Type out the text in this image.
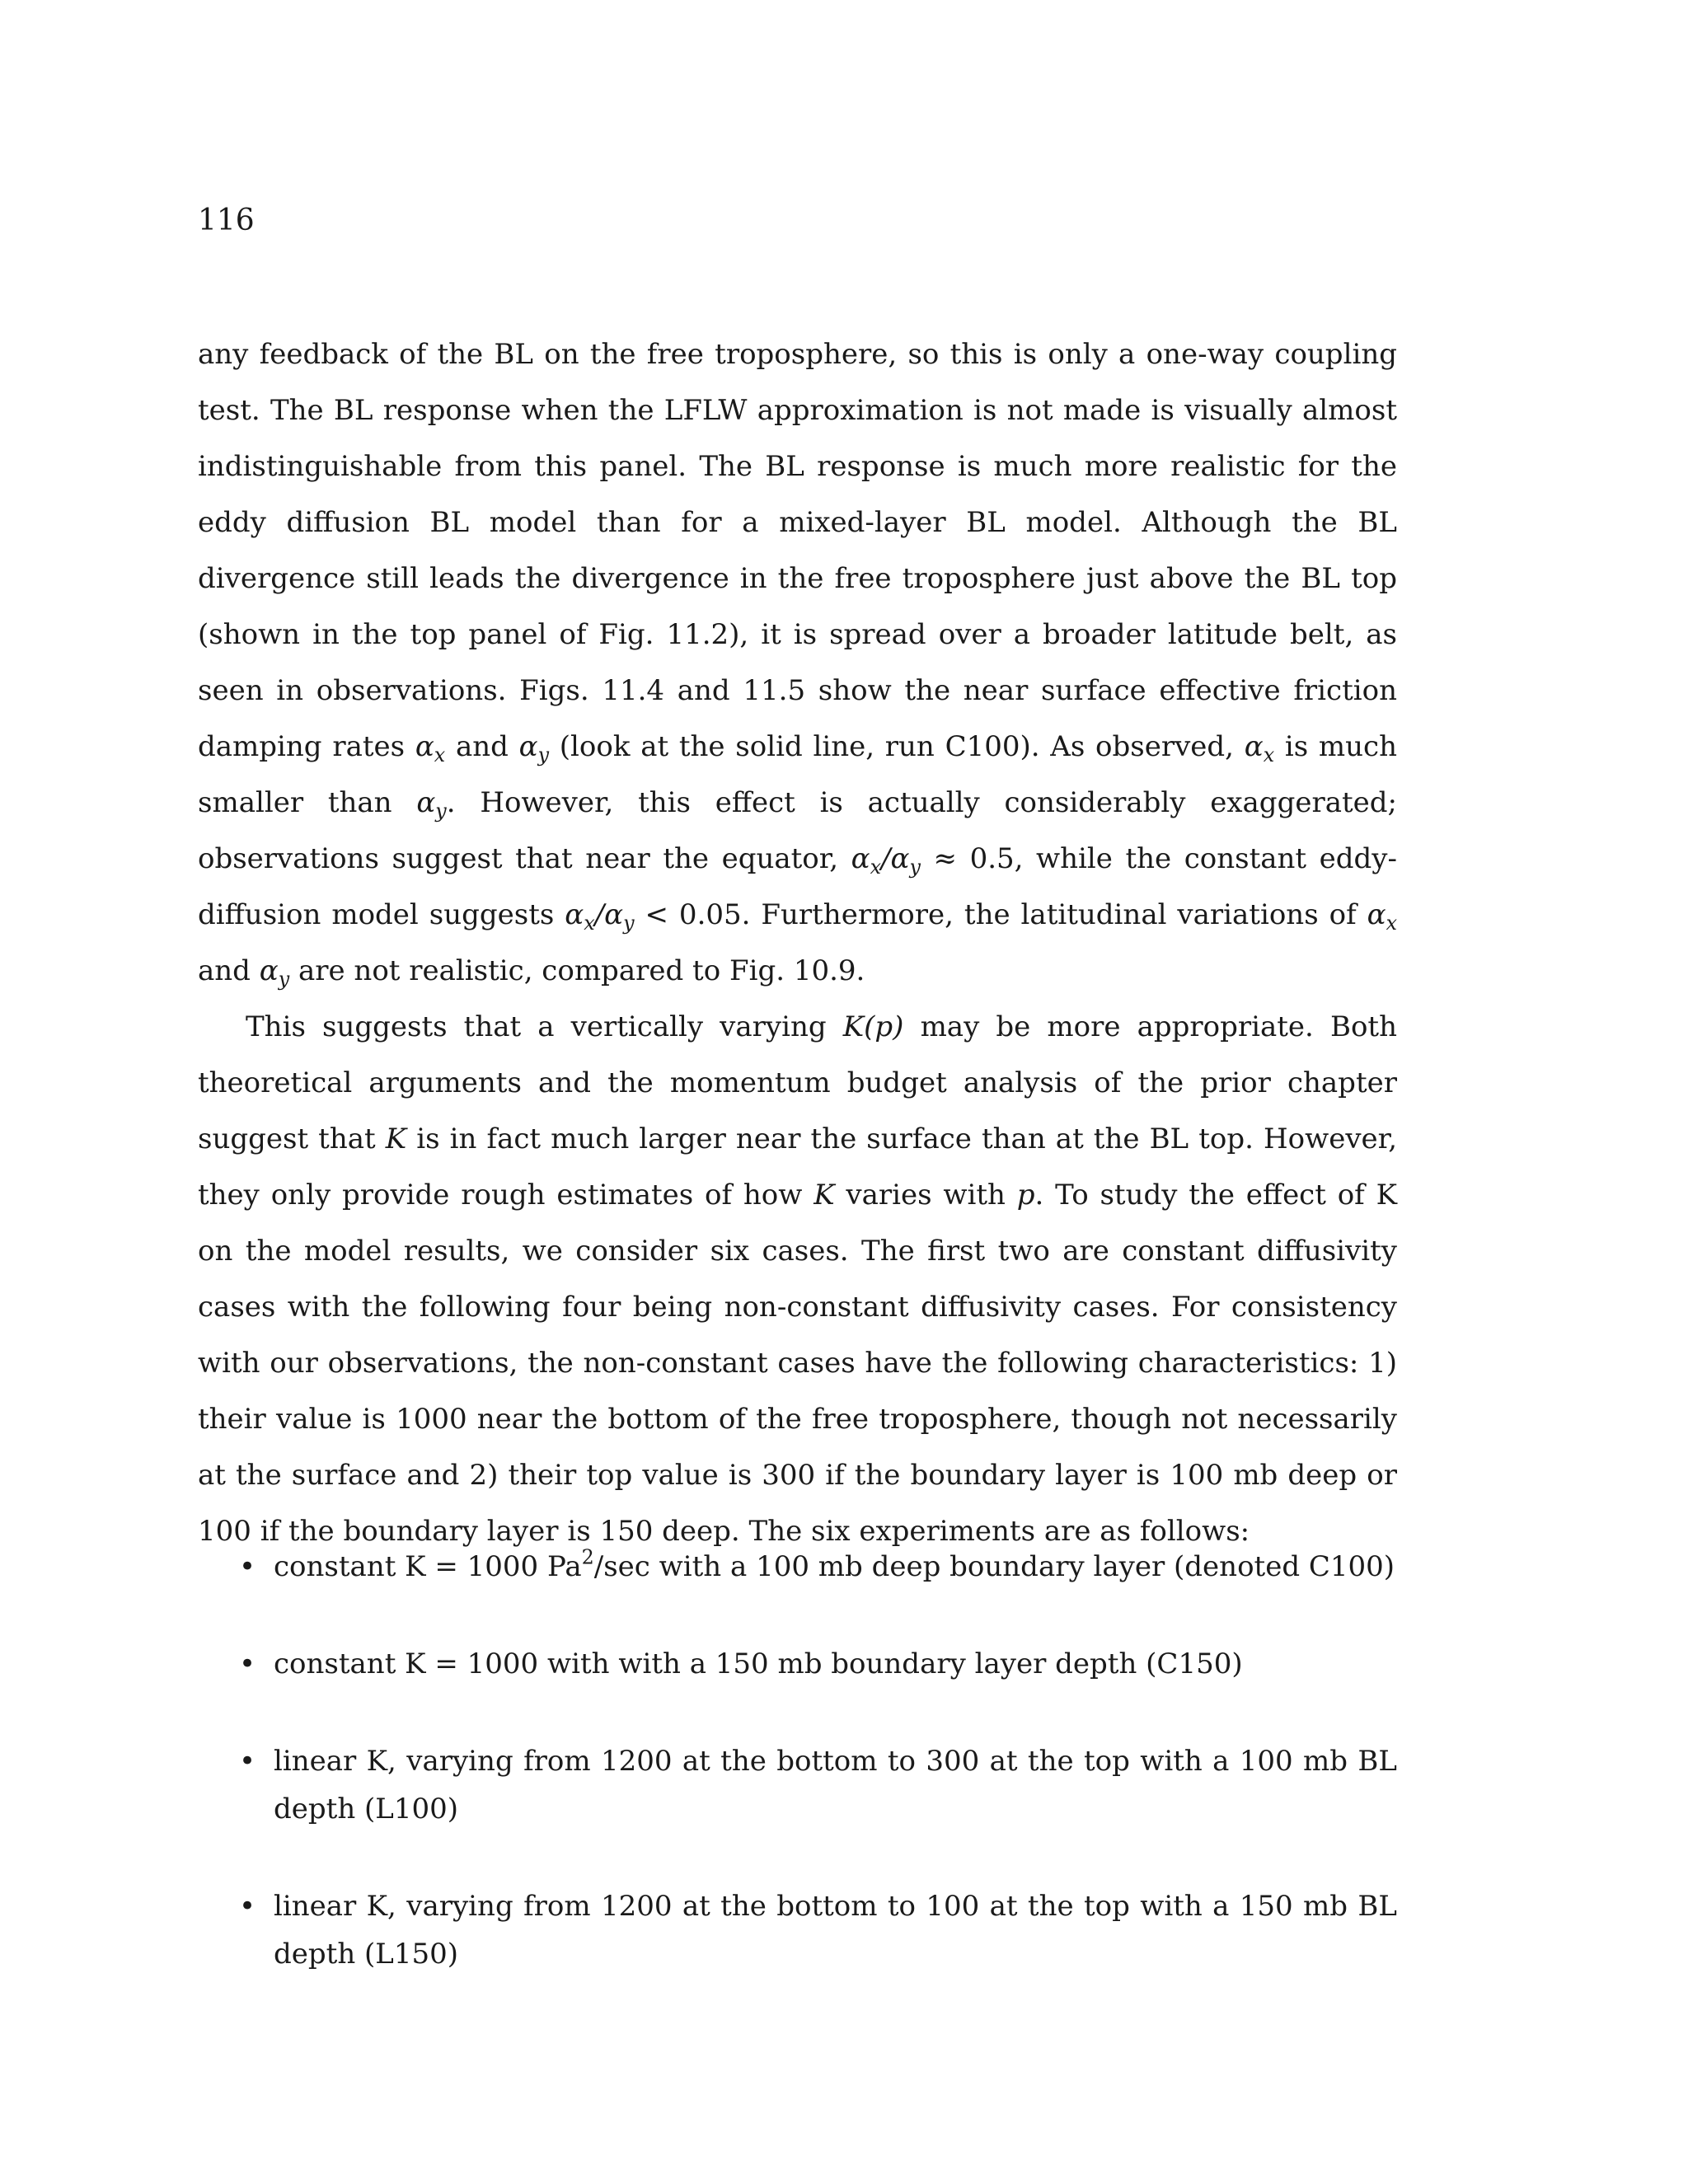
116

any feedback of the BL on the free troposphere, so this is only a one-way coupling test. The BL response when the LFLW approximation is not made is visually almost indistinguishable from this panel. The BL response is much more realistic for the eddy diffusion BL model than for a mixed-layer BL model. Although the BL divergence still leads the divergence in the free troposphere just above the BL top (shown in the top panel of Fig. 11.2), it is spread over a broader latitude belt, as seen in observations. Figs. 11.4 and 11.5 show the near surface effective friction damping rates $\alpha_x$ and $\alpha_y$ (look at the solid line, run C100). As observed, $\alpha_x$ is much smaller than $\alpha_y$. However, this effect is actually considerably exaggerated; observations suggest that near the equator, $\alpha_x/\alpha_y \approx 0.5$, while the constant eddy-diffusion model suggests $\alpha_x/\alpha_y < 0.05$. Furthermore, the latitudinal variations of $\alpha_x$ and $\alpha_y$ are not realistic, compared to Fig. 10.9.

This suggests that a vertically varying K(p) may be more appropriate. Both theoretical arguments and the momentum budget analysis of the prior chapter suggest that K is in fact much larger near the surface than at the BL top. However, they only provide rough estimates of how K varies with p. To study the effect of K on the model results, we consider six cases. The first two are constant diffusivity cases with the following four being non-constant diffusivity cases. For consistency with our observations, the non-constant cases have the following characteristics: 1) their value is 1000 near the bottom of the free troposphere, though not necessarily at the surface and 2) their top value is 300 if the boundary layer is 100 mb deep or 100 if the boundary layer is 150 deep. The six experiments are as follows:

• constant K = 1000 Pa$^2$/sec with a 100 mb deep boundary layer (denoted C100)
• constant K = 1000 with with a 150 mb boundary layer depth (C150)
• linear K, varying from 1200 at the bottom to 300 at the top with a 100 mb BL depth (L100)
• linear K, varying from 1200 at the bottom to 100 at the top with a 150 mb BL depth (L150)
